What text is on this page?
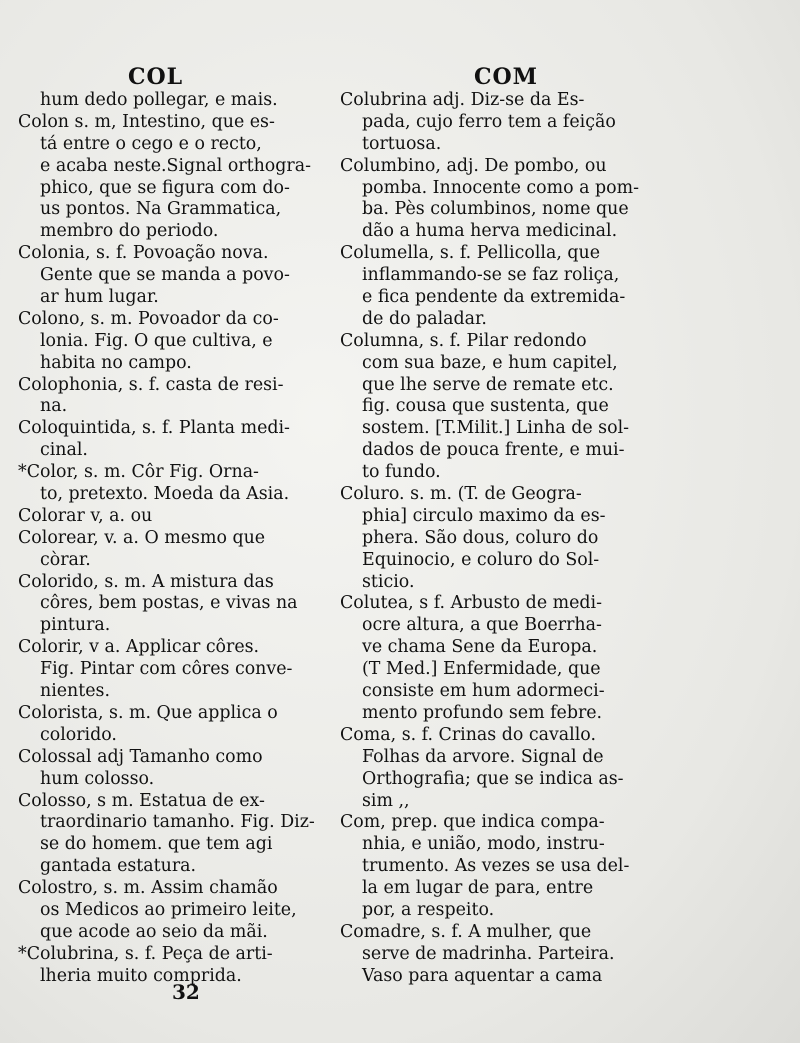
COL	COM
hum dedo pollegar, e mais.
Colon s. m, Intestino, que es-
tá entre o cego e o recto,
e acaba neste.Signal orthogra-
phico, que se figura com do-
us pontos. Na Grammatica,
membro do periodo.
Colonia, s. f. Povoação nova.
Gente que se manda a povo-
ar hum lugar.
Colono, s. m. Povoador da co-
lonia. Fig. O que cultiva, e
habita no campo.
Colophonia, s. f. casta de resi-
na.
Coloquintida, s. f. Planta medi-
cinal.
*Color, s. m. Côr Fig. Orna-
to, pretexto. Moeda da Asia.
Colorar v, a. ou
Colorear, v. a. O mesmo que
còrar.
Colorido, s. m. A mistura das
côres, bem postas, e vivas na
pintura.
Colorir, v a. Applicar côres.
Fig. Pintar com côres conve-
nientes.
Colorista, s. m. Que applica o
colorido.
Colossal adj Tamanho como
hum colosso.
Colosso, s m. Estatua de ex-
traordinario tamanho. Fig. Diz-
se do homem. que tem agi
gantada estatura.
Colostro, s. m. Assim chamão
os Medicos ao primeiro leite,
que acode ao seio da mãi.
*Colubrina, s. f. Peça de arti-
lheria muito comprida.
Colubrina adj. Diz-se da Es-
pada, cujo ferro tem a feição
tortuosa.
Columbino, adj. De pombo, ou
pomba. Innocente como a pom-
ba. Pès columbinos, nome que
dão a huma herva medicinal.
Columella, s. f. Pellicolla, que
inflammando-se se faz roliça,
e fica pendente da extremida-
de do paladar.
Columna, s. f. Pilar redondo
com sua baze, e hum capitel,
que lhe serve de remate etc.
fig. cousa que sustenta, que
sostem. [T.Milit.] Linha de sol-
dados de pouca frente, e mui-
to fundo.
Coluro. s. m. (T. de Geogra-
phia] circulo maximo da es-
phera. São dous, coluro do
Equinocio, e coluro do Sol-
sticio.
Colutea, s f. Arbusto de medi-
ocre altura, a que Boerrha-
ve chama Sene da Europa.
(T Med.] Enfermidade, que
consiste em hum adormeci-
mento profundo sem febre.
Coma, s. f. Crinas do cavallo.
Folhas da arvore. Signal de
Orthografia; que se indica as-
sim ,,
Com, prep. que indica compa-
nhia, e união, modo, instru-
trumento. As vezes se usa del-
la em lugar de para, entre
por, a respeito.
Comadre, s. f. A mulher, que
serve de madrinha. Parteira.
Vaso para aquentar a cama
32
